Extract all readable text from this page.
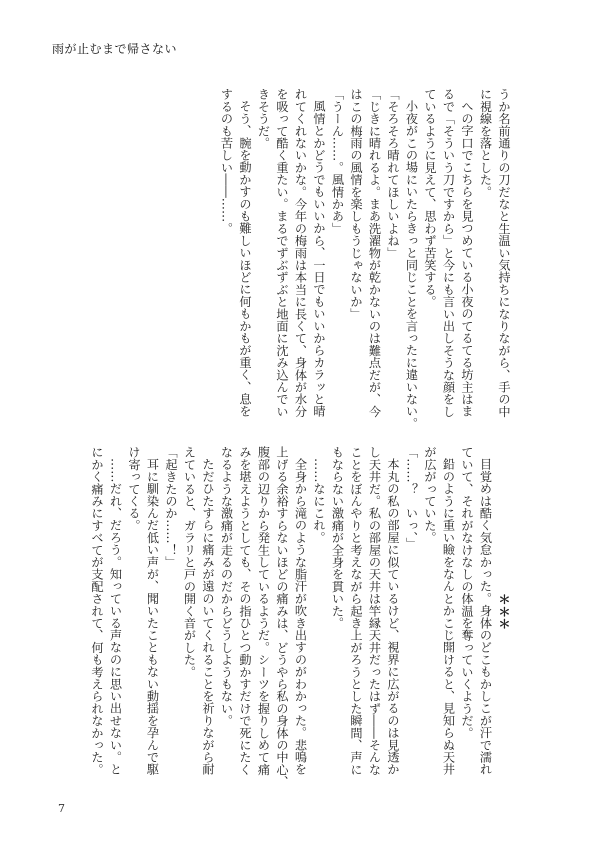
雨が止むまで帰さない
うか名前通りの刀だなと生温い気持ちになりながら、手の中
に視線を落とした。
への字口でこちらを見つめている小夜のてるてる坊主はま
るで「そういう刀ですから」と今にも言い出しそうな顔をし
ているように見えて、思わず苦笑する。
小夜がこの場にいたらきっと同じことを言ったに違いない。
「そろそろ晴れてほしいよね」
「じきに晴れるよ。まあ洗濯物が乾かないのは難点だが、今
はこの梅雨の風情を楽しもうじゃないか」
「うーん……。風情かあ」
風情とかどうでもいいから、一日でもいいからカラッと晴
れてくれないかな。今年の梅雨は本当に長くて、身体が水分
を吸って酷く重たい。まるでずぶずぶと地面に沈み込んでい
きそうだ。
そう、腕を動かすのも難しいほどに何もかもが重く、息を
するのも苦しい――……。
＊＊＊
目覚めは酷く気怠かった。身体のどこもかしこが汗で濡れ
ていて、それがなけなしの体温を奪っていくようだ。
鉛のように重い瞼をなんとかこじ開けると、見知らぬ天井
が広がっていた。
「……？　いっ、」
本丸の私の部屋に似ているけど、視界に広がるのは見透か
し天井だ。私の部屋の天井は竿縁天井だったはず――そんな
ことをぼんやりと考えながら起き上がろうとした瞬間、声に
もならない激痛が全身を貫いた。
……なにこれ。
全身から滝のような脂汗が吹き出すのがわかった。悲鳴を
上げる余裕すらないほどの痛みは、どうやら私の身体の中心、
腹部の辺りから発生しているようだ。シーツを握りしめて痛
みを堪えようとしても、その指ひとつ動かすだけで死にたく
なるような激痛が走るのだからどうしようもない。
ただひたすらに痛みが遠のいてくれることを祈りながら耐
えていると、ガラリと戸の開く音がした。
「起きたのか……！」
耳に馴染んだ低い声が、聞いたこともない動揺を孕んで駆
け寄ってくる。
……だれ、だろう。知っている声なのに思い出せない。と
にかく痛みにすべてが支配されて、何も考えられなかった。
7
